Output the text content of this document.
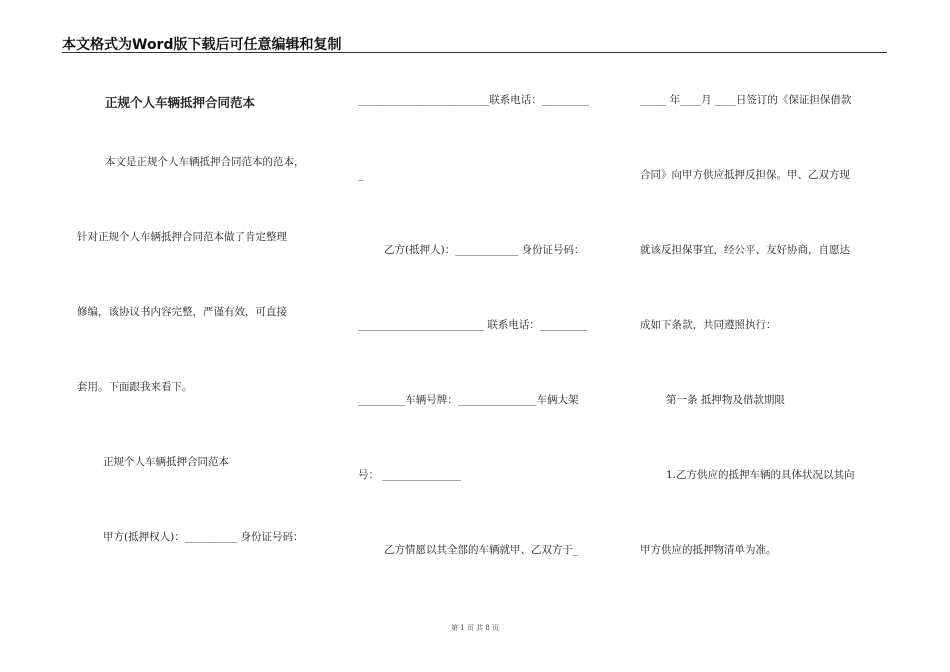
本文格式为Word版下载后可任意编辑和复制
正规个人车辆抵押合同范本
本文是正规个人车辆抵押合同范本的范本，
针对正规个人车辆抵押合同范本做了肯定整理
修编，该协议书内容完整，严谨有效，可直接
套用。下面跟我来看下。
正规个人车辆抵押合同范本
甲方(抵押权人)：__________ 身份证号码：
_________________________联系电话：_________
_
乙方(抵押人)：____________ 身份证号码：
________________________ 联系电话：_________
_________车辆号牌：_______________车俩大架
号： _______________
乙方情愿以其全部的车辆就甲、乙双方于_
_____ 年____月 ____日签订的《保证担保借款
合同》向甲方供应抵押反担保。甲、乙双方现
就该反担保事宜，经公平、友好协商，自愿达
成如下条款，共同遵照执行：
第一条 抵押物及借款期限
1.乙方供应的抵押车辆的具体状况以其向
甲方供应的抵押物清单为准。
第 1 页 共 8 页
